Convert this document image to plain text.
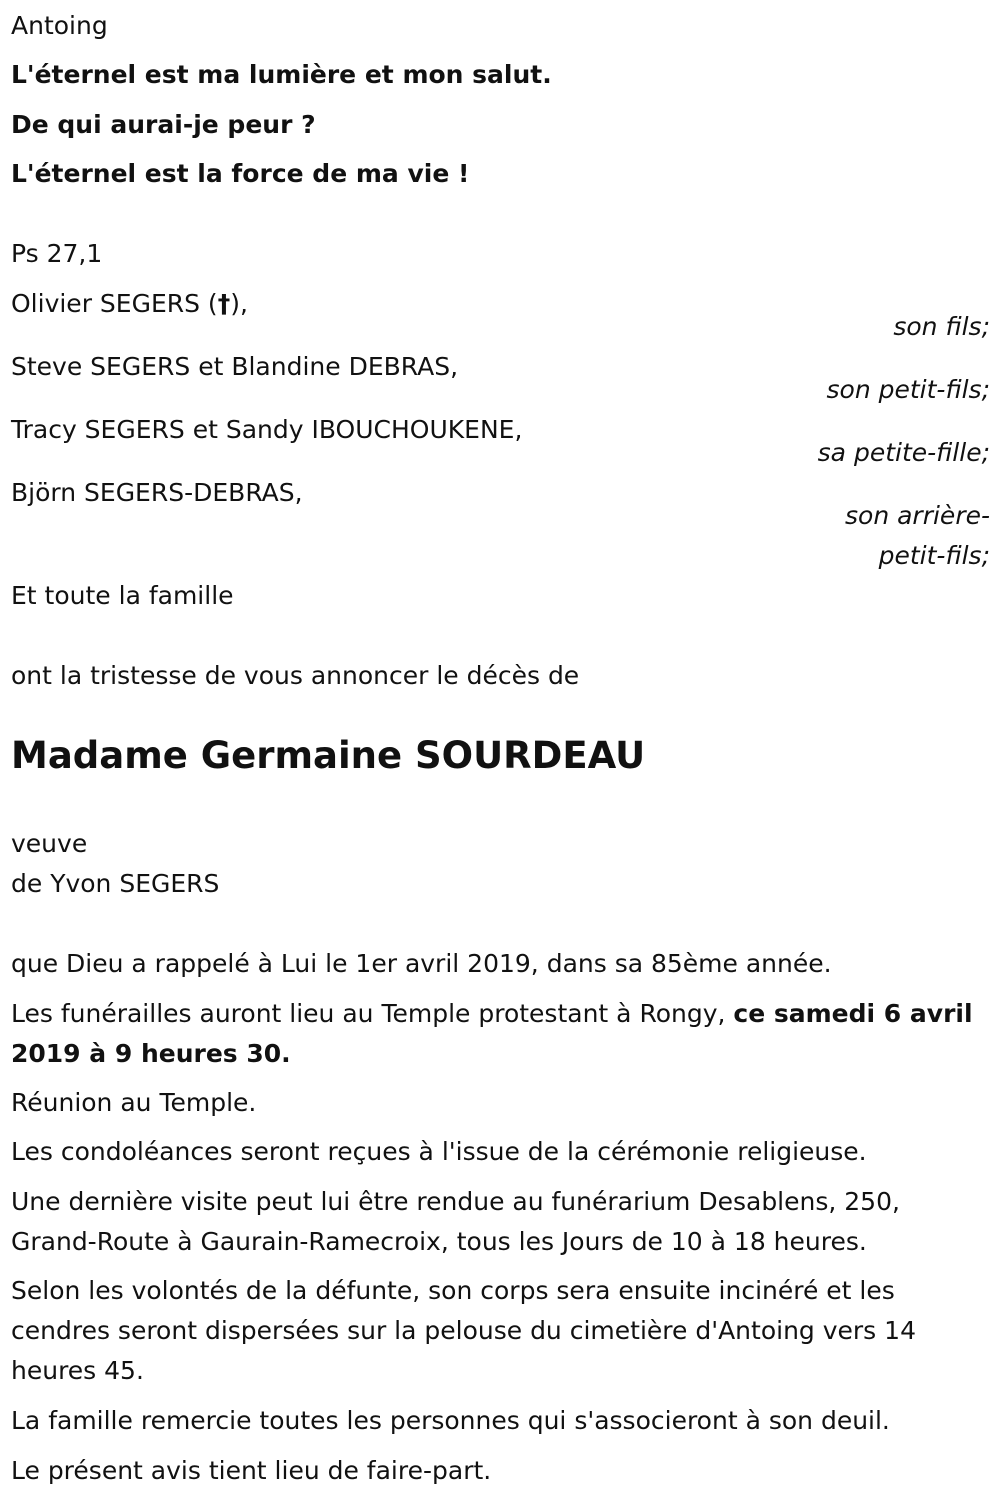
Antoing
L'éternel est ma lumière et mon salut.
De qui aurai-je peur ?
L'éternel est la force de ma vie !
Ps 27,1
Olivier SEGERS (†),
son fils;
Steve SEGERS et Blandine DEBRAS,
son petit-fils;
Tracy SEGERS et Sandy IBOUCHOUKENE,
sa petite-fille;
Björn SEGERS-DEBRAS,
son arrière-
petit-fils;
Et toute la famille
ont la tristesse de vous annoncer le décès de
Madame Germaine SOURDEAU
veuve
de Yvon SEGERS
que Dieu a rappelé à Lui le 1er avril 2019, dans sa 85ème année.
Les funérailles auront lieu au Temple protestant à Rongy, ce samedi 6 avril 2019 à 9 heures 30.
Réunion au Temple.
Les condoléances seront reçues à l'issue de la cérémonie religieuse.
Une dernière visite peut lui être rendue au funérarium Desablens, 250, Grand-Route à Gaurain-Ramecroix, tous les Jours de 10 à 18 heures.
Selon les volontés de la défunte, son corps sera ensuite incinéré et les cendres seront dispersées sur la pelouse du cimetière d'Antoing vers 14 heures 45.
La famille remercie toutes les personnes qui s'associeront à son deuil.
Le présent avis tient lieu de faire-part.
